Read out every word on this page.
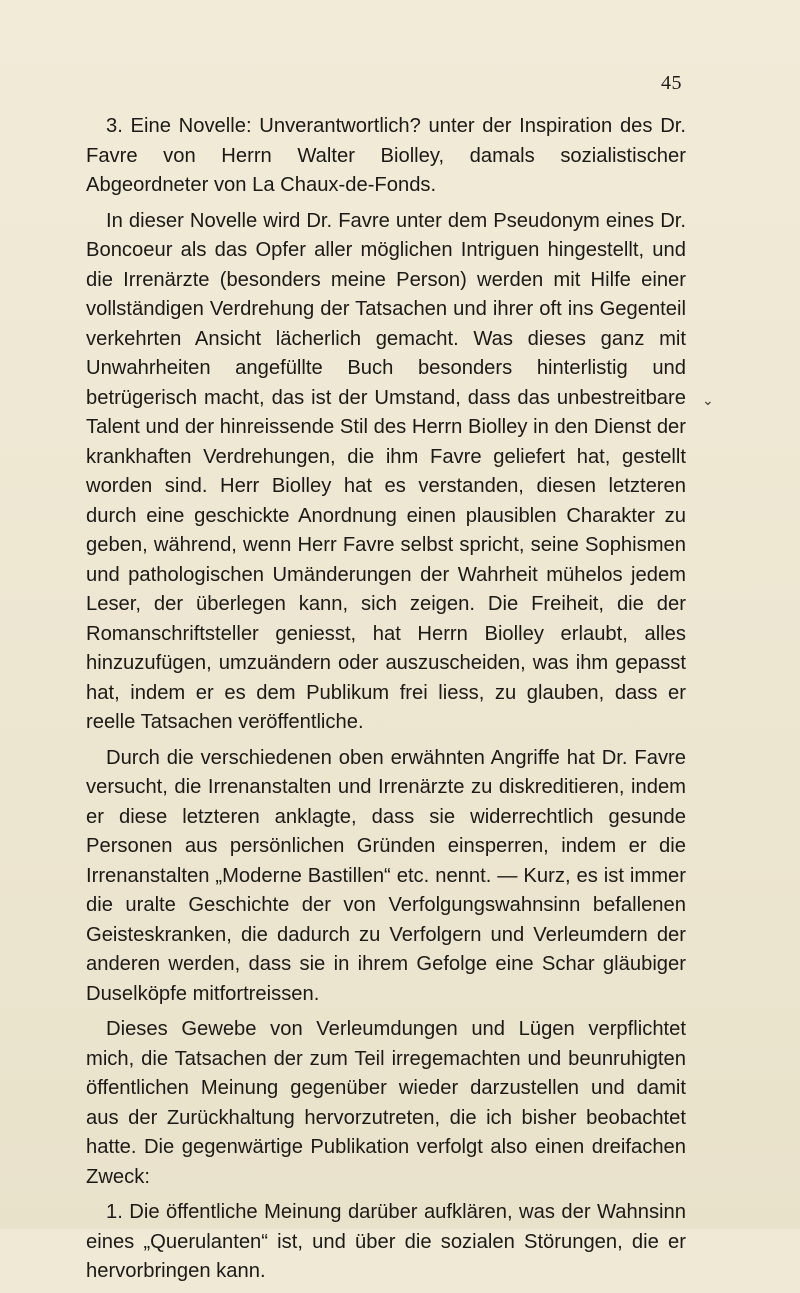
45

3. Eine Novelle: Unverantwortlich? unter der Inspiration des Dr. Favre von Herrn Walter Biolley, damals sozialistischer Abgeordneter von La Chaux-de-Fonds.

In dieser Novelle wird Dr. Favre unter dem Pseudonym eines Dr. Boncoeur als das Opfer aller möglichen Intriguen hingestellt, und die Irrenärzte (besonders meine Person) werden mit Hilfe einer vollständigen Verdrehung der Tatsachen und ihrer oft ins Gegenteil verkehrten Ansicht lächerlich gemacht. Was dieses ganz mit Unwahrheiten angefüllte Buch besonders hinterlistig und betrügerisch macht, das ist der Umstand, dass das unbestreitbare Talent und der hinreissende Stil des Herrn Biolley in den Dienst der krankhaften Verdrehungen, die ihm Favre geliefert hat, gestellt worden sind. Herr Biolley hat es verstanden, diesen letzteren durch eine geschickte Anordnung einen plausiblen Charakter zu geben, während, wenn Herr Favre selbst spricht, seine Sophismen und pathologischen Umänderungen der Wahrheit mühelos jedem Leser, der überlegen kann, sich zeigen. Die Freiheit, die der Romanschriftsteller geniesst, hat Herrn Biolley erlaubt, alles hinzuzufügen, umzuändern oder auszuscheiden, was ihm gepasst hat, indem er es dem Publikum frei liess, zu glauben, dass er reelle Tatsachen veröffentliche.

Durch die verschiedenen oben erwähnten Angriffe hat Dr. Favre versucht, die Irrenanstalten und Irrenärzte zu diskreditieren, indem er diese letzteren anklagte, dass sie widerrechtlich gesunde Personen aus persönlichen Gründen einsperren, indem er die Irrenanstalten „Moderne Bastillen“ etc. nennt. — Kurz, es ist immer die uralte Geschichte der von Verfolgungswahnsinn befallenen Geisteskranken, die dadurch zu Verfolgern und Verleumdern der anderen werden, dass sie in ihrem Gefolge eine Schar gläubiger Duselköpfe mitfortreissen.

Dieses Gewebe von Verleumdungen und Lügen verpflichtet mich, die Tatsachen der zum Teil irregemachten und beunruhigten öffentlichen Meinung gegenüber wieder darzustellen und damit aus der Zurückhaltung hervorzutreten, die ich bisher beobachtet hatte. Die gegenwärtige Publikation verfolgt also einen dreifachen Zweck:

1. Die öffentliche Meinung darüber aufklären, was der Wahnsinn eines „Querulanten“ ist, und über die sozialen Störungen, die er hervorbringen kann.

⌄
